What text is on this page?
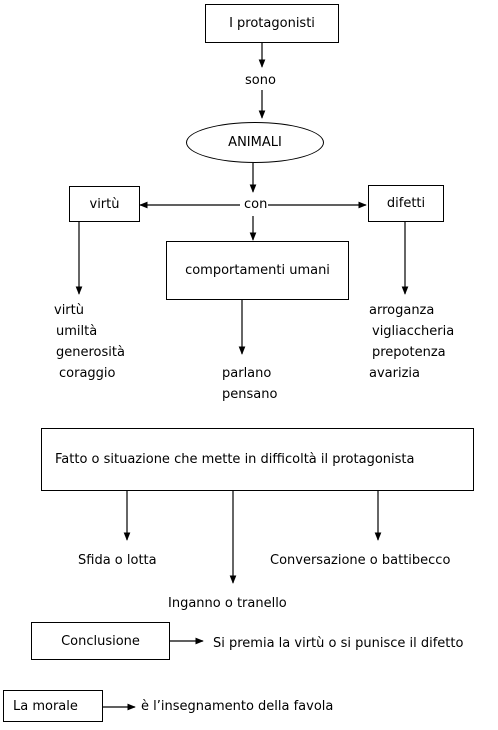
I protagonisti
sono
ANIMALI
con
virtù	difetti
comportamenti umani
virtù
umiltà
generosità
coraggio
arroganza
vigliaccheria
prepotenza
avarizia
parlano
pensano
Fatto o situazione che mette in difficoltà il protagonista
Sfida o lotta	Conversazione o battibecco
Inganno o tranello
Conclusione	Si premia la virtù o si punisce il difetto
La morale	è l’insegnamento della favola
